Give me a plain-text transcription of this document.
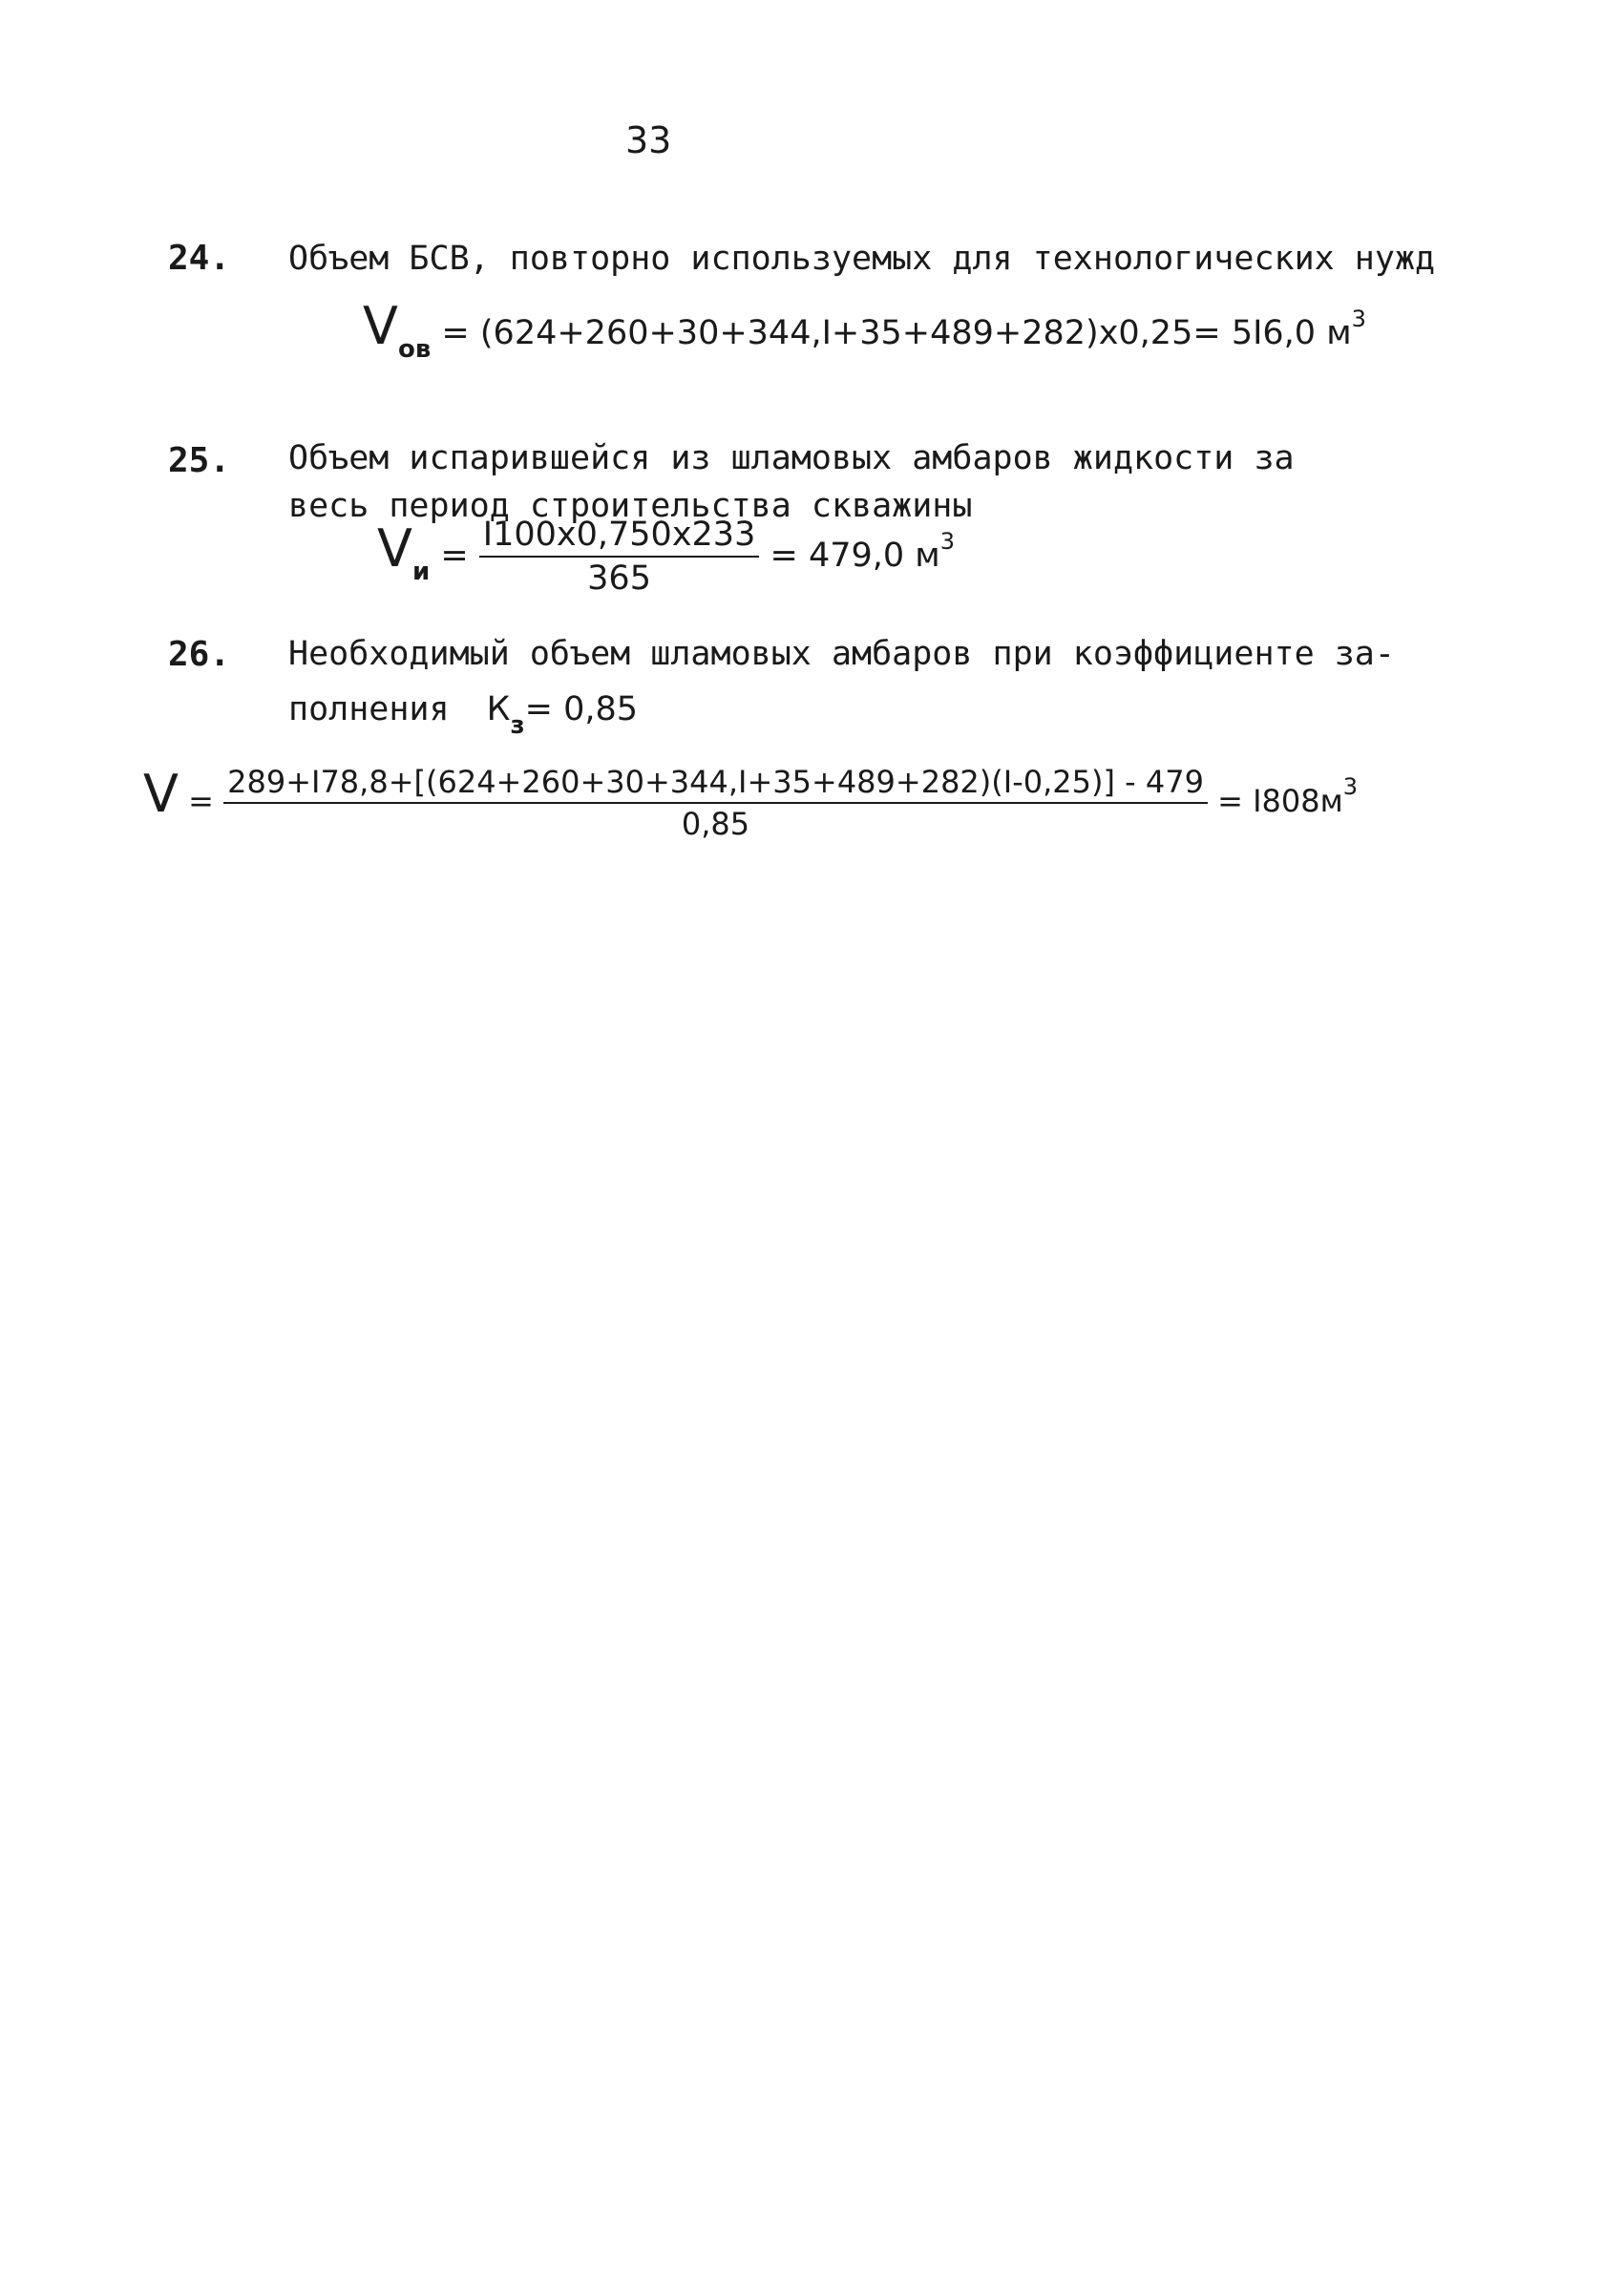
33
24. Объем БСВ, повторно используемых для технологических нужд
$V_{ов} = (624+260+30+344,I+35+489+282)x0,25= 5I6,0$ $м^3$
25. Объем испарившейся из шламовых амбаров жидкости за
весь период строительства скважины
$V_и = \frac{I100x0,750x233}{365} = 479,0$ $м^3$
26. Необходимый объем шламовых амбаров при коэффициенте за-
полнения $К_з= 0,85$
$V = \frac{289+I78,8+[(624+260+30+344,I+35+489+282)(I-0,25)] - 479}{0,85} = I808м^3$
